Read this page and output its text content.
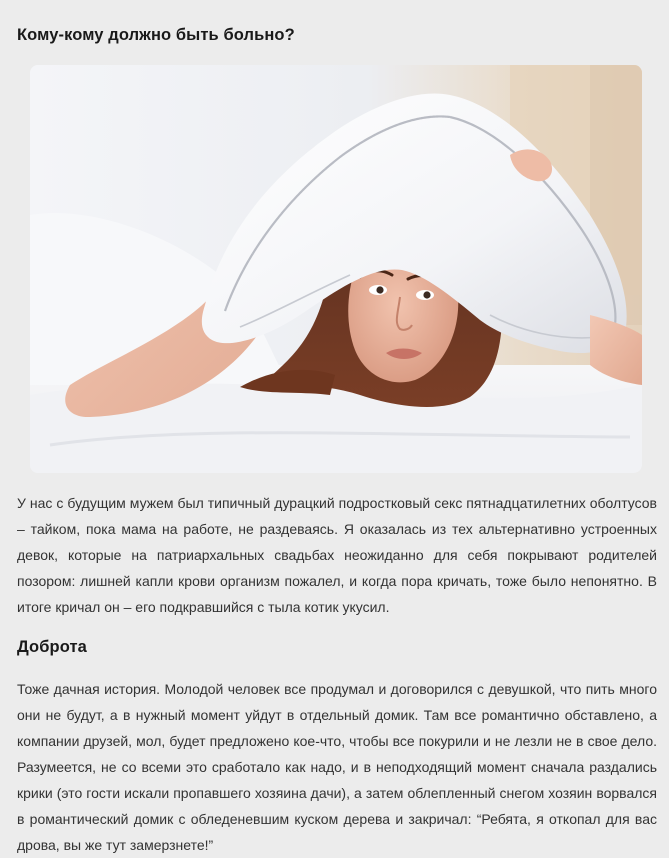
Кому-кому должно быть больно?

У нас с будущим мужем был типичный дурацкий подростковый секс пятнадцатилетних оболтусов – тайком, пока мама на работе, не раздеваясь. Я оказалась из тех альтернативно устроенных девок, которые на патриархальных свадьбах неожиданно для себя покрывают родителей позором: лишней капли крови организм пожалел, и когда пора кричать, тоже было непонятно. В итоге кричал он – его подкравшийся с тыла котик укусил.

Доброта

Тоже дачная история. Молодой человек все продумал и договорился с девушкой, что пить много они не будут, а в нужный момент уйдут в отдельный домик. Там все романтично обставлено, а компании друзей, мол, будет предложено кое-что, чтобы все покурили и не лезли не в свое дело. Разумеется, не со всеми это сработало как надо, и в неподходящий момент сначала раздались крики (это гости искали пропавшего хозяина дачи), а затем облепленный снегом хозяин ворвался в романтический домик с обледеневшим куском дерева и закричал: “Ребята, я откопал для вас дрова, вы же тут замерзнете!”
